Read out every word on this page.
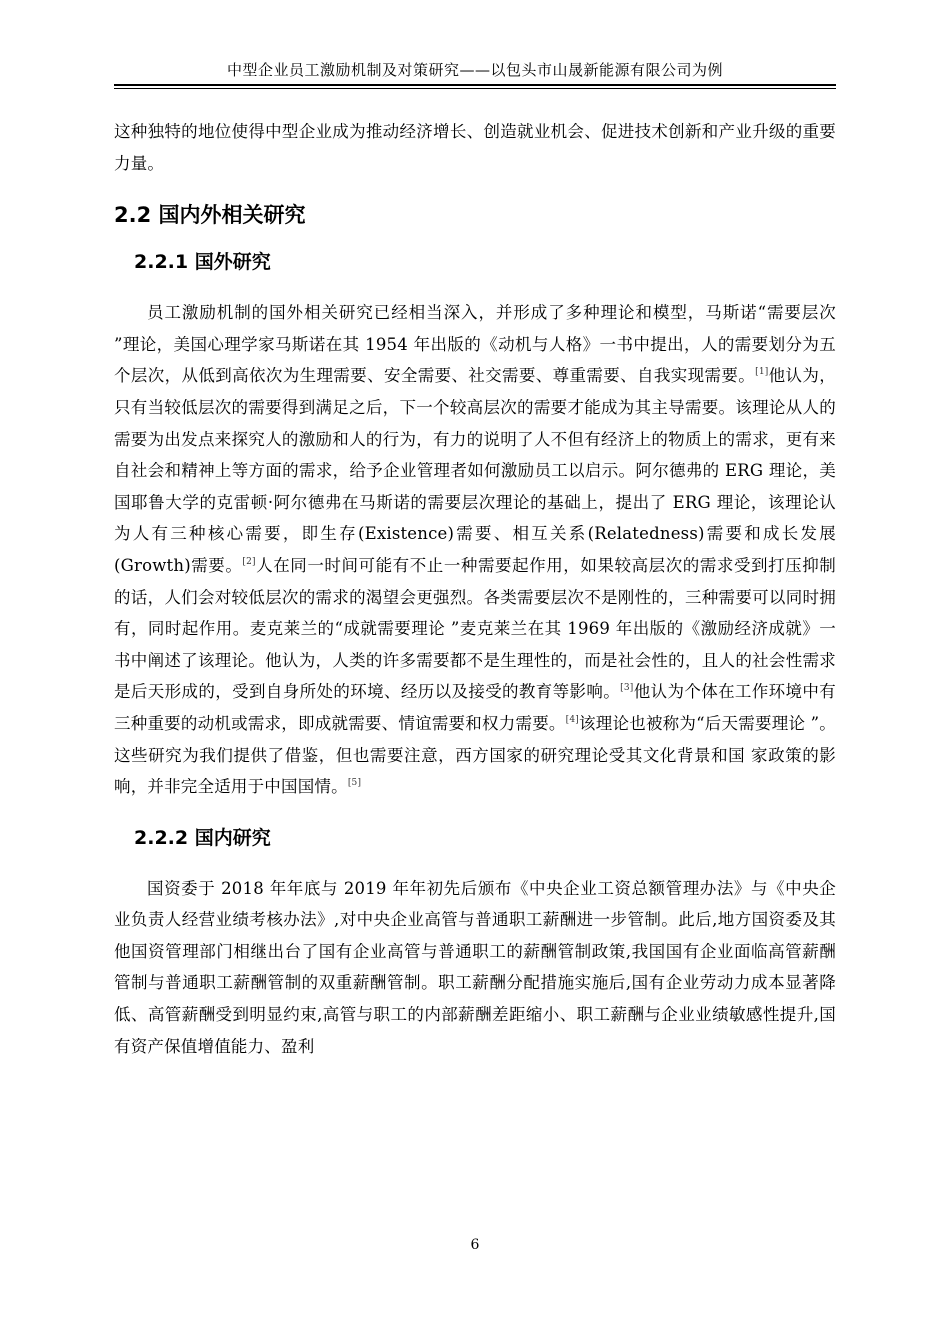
中型企业员工激励机制及对策研究——以包头市山晟新能源有限公司为例

这种独特的地位使得中型企业成为推动经济增长、创造就业机会、促进技术创新和产业升级的重要力量。

2.2 国内外相关研究
2.2.1 国外研究

员工激励机制的国外相关研究已经相当深入，并形成了多种理论和模型，马斯诺“需要层次 ”理论，美国心理学家马斯诺在其 1954 年出版的《动机与人格》一书中提出，人的需要划分为五个层次，从低到高依次为生理需要、安全需要、社交需要、尊重需要、自我实现需要。[1]他认为，只有当较低层次的需要得到满足之后，下一个较高层次的需要才能成为其主导需要。该理论从人的需要为出发点来探究人的激励和人的行为，有力的说明了人不但有经济上的物质上的需求，更有来自社会和精神上等方面的需求，给予企业管理者如何激励员工以启示。阿尔德弗的 ERG 理论，美国耶鲁大学的克雷顿·阿尔德弗在马斯诺的需要层次理论的基础上，提出了 ERG 理论，该理论认为人有三种核心需要，即生存(Existence)需要、相互关系(Relatedness)需要和成长发展(Growth)需要。[2]人在同一时间可能有不止一种需要起作用，如果较高层次的需求受到打压抑制的话，人们会对较低层次的需求的渴望会更强烈。各类需要层次不是刚性的，三种需要可以同时拥有，同时起作用。麦克莱兰的“成就需要理论 ”麦克莱兰在其 1969 年出版的《激励经济成就》一书中阐述了该理论。他认为，人类的许多需要都不是生理性的，而是社会性的，且人的社会性需求是后天形成的，受到自身所处的环境、经历以及接受的教育等影响。[3]他认为个体在工作环境中有三种重要的动机或需求，即成就需要、情谊需要和权力需要。[4]该理论也被称为“后天需要理论 ”。这些研究为我们提供了借鉴，但也需要注意，西方国家的研究理论受其文化背景和国 家政策的影响，并非完全适用于中国国情。[5]

2.2.2 国内研究

国资委于 2018 年年底与 2019 年年初先后颁布《中央企业工资总额管理办法》与《中央企业负责人经营业绩考核办法》,对中央企业高管与普通职工薪酬进一步管制。此后,地方国资委及其他国资管理部门相继出台了国有企业高管与普通职工的薪酬管制政策,我国国有企业面临高管薪酬管制与普通职工薪酬管制的双重薪酬管制。职工薪酬分配措施实施后,国有企业劳动力成本显著降低、高管薪酬受到明显约束,高管与职工的内部薪酬差距缩小、职工薪酬与企业业绩敏感性提升,国有资产保值增值能力、盈利

6
